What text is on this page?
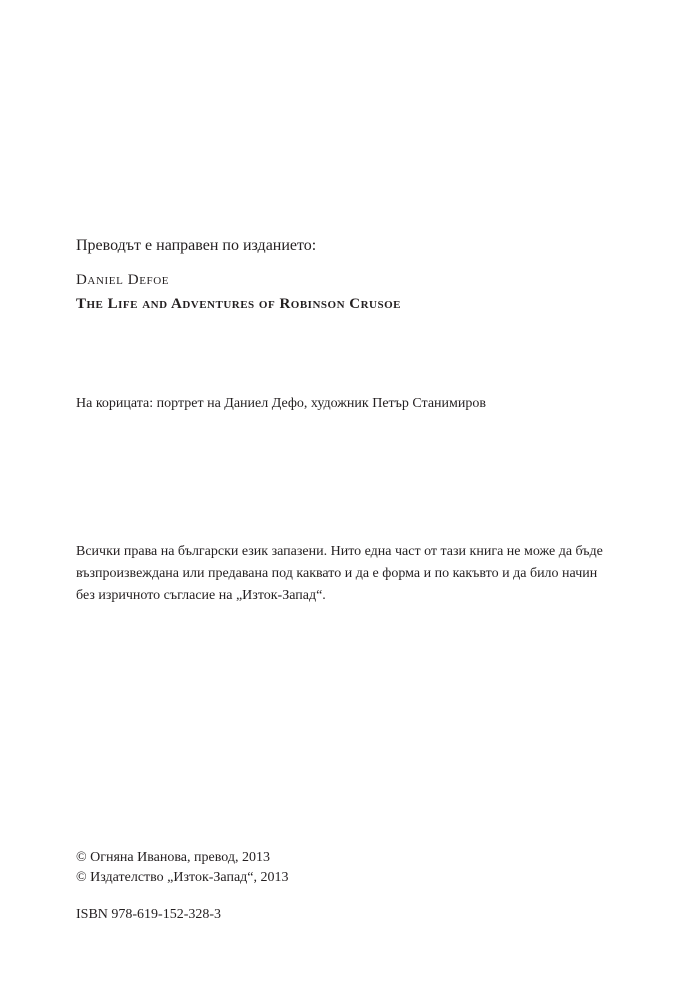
Преводът е направен по изданието:
Daniel Defoe
The Life and Adventures of Robinson Crusoe
На корицата: портрет на Даниел Дефо, художник Петър Станимиров
Всички права на български език запазени. Нито една част от тази книга не може да бъде
възпроизвеждана или предавана под каквато и да е форма и по какъвто и да било начин
без изричното съгласие на „Изток-Запад“.
© Огняна Иванова, превод, 2013
© Издателство „Изток-Запад“, 2013
ISBN 978-619-152-328-3
